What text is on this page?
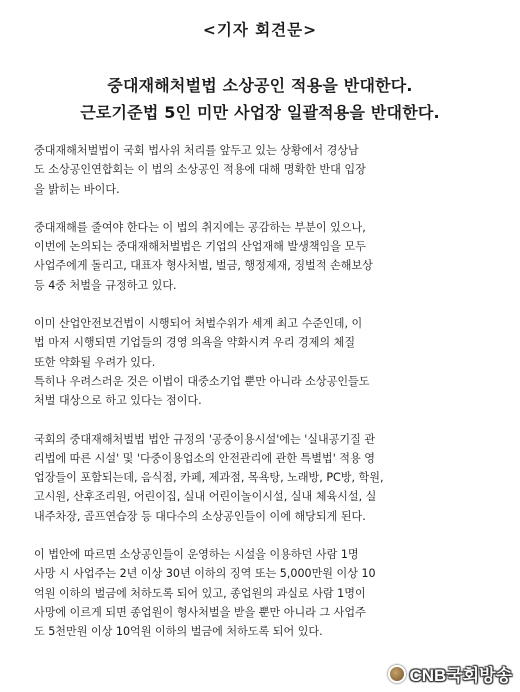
<기자 회견문>
중대재해처벌법 소상공인 적용을 반대한다.
근로기준법 5인 미만 사업장 일괄적용을 반대한다.
중대재해처벌법이 국회 법사위 처리를 앞두고 있는 상황에서 경상남
도 소상공인연합회는 이 법의 소상공인 적용에 대해 명확한 반대 입장
을 밝히는 바이다.
중대재해를 줄여야 한다는 이 법의 취지에는 공감하는 부분이 있으나,
이번에 논의되는 중대재해처벌법은 기업의 산업재해 발생책임을 모두
사업주에게 돌리고, 대표자 형사처벌, 벌금, 행정제재, 징벌적 손해보상
등 4중 처벌을 규정하고 있다.
이미 산업안전보건법이 시행되어 처벌수위가 세계 최고 수준인데, 이
법 마저 시행되면 기업들의 경영 의욕을 약화시켜 우리 경제의 체질
또한 약화될 우려가 있다.
특히나 우려스러운 것은 이법이 대중소기업 뿐만 아니라 소상공인들도
처벌 대상으로 하고 있다는 점이다.
국회의 중대재해처벌법 법안 규정의 '공중이용시설'에는 '실내공기질 관
리법에 따른 시설' 및 '다중이용업소의 안전관리에 관한 특별법' 적용 영
업장들이 포함되는데, 음식점, 카페, 제과점, 목욕탕, 노래방, PC방, 학원,
고시원, 산후조리원, 어린이집, 실내 어린이놀이시설, 실내 체육시설, 실
내주차장, 골프연습장 등 대다수의 소상공인들이 이에 해당되게 된다.
이 법안에 따르면 소상공인들이 운영하는 시설을 이용하던 사람 1명
사망 시 사업주는 2년 이상 30년 이하의 징역 또는 5,000만원 이상 10
억원 이하의 벌금에 처하도록 되어 있고, 종업원의 과실로 사람 1명이
사망에 이르게 되면 종업원이 형사처벌을 받을 뿐만 아니라 그 사업주
도 5천만원 이상 10억원 이하의 벌금에 처하도록 되어 있다.
CNB국회방송
